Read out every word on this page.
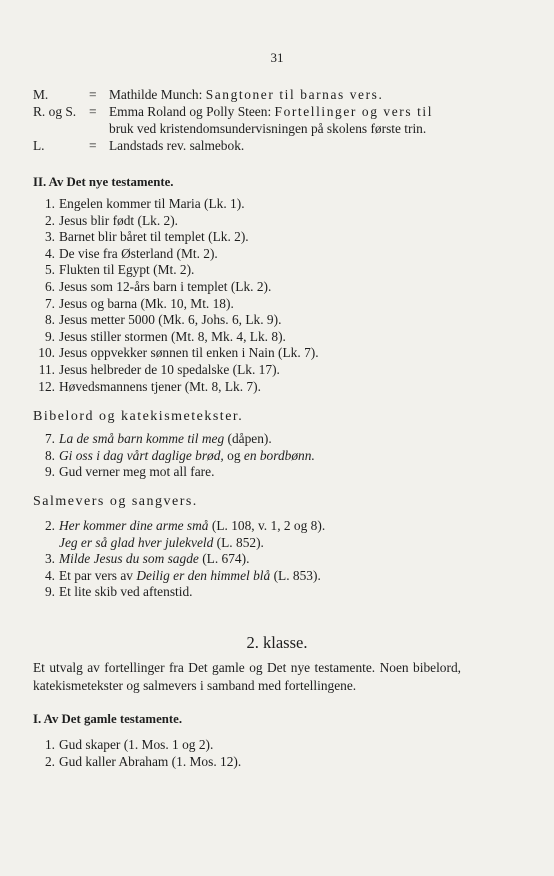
31
M.	= Mathilde Munch: Sangtoner til barnas vers.
R. og S. = Emma Roland og Polly Steen: Fortellinger og vers til
bruk ved kristendomsundervisningen på skolens første trin.
L.	= Landstads rev. salmebok.
II. Av Det nye testamente.
1. Engelen kommer til Maria (Lk. 1).
2. Jesus blir født (Lk. 2).
3. Barnet blir båret til templet (Lk. 2).
4. De vise fra Østerland (Mt. 2).
5. Flukten til Egypt (Mt. 2).
6. Jesus som 12-års barn i templet (Lk. 2).
7. Jesus og barna (Mk. 10, Mt. 18).
8. Jesus metter 5000 (Mk. 6, Johs. 6, Lk. 9).
9. Jesus stiller stormen (Mt. 8, Mk. 4, Lk. 8).
10. Jesus oppvekker sønnen til enken i Nain (Lk. 7).
11. Jesus helbreder de 10 spedalske (Lk. 17).
12. Høvedsmannens tjener (Mt. 8, Lk. 7).
Bibelord og katekismetekster.
7. La de små barn komme til meg (dåpen).
8. Gi oss i dag vårt daglige brød, og en bordbønn.
9. Gud verner meg mot all fare.
Salmevers og sangvers.
2. Her kommer dine arme små (L. 108, v. 1, 2 og 8).
Jeg er så glad hver julekveld (L. 852).
3. Milde Jesus du som sagde (L. 674).
4. Et par vers av Deilig er den himmel blå (L. 853).
9. Et lite skib ved aftenstid.
2. klasse.
Et utvalg av fortellinger fra Det gamle og Det nye testamente. Noen bibelord, katekismetekster og salmevers i samband med fortellingene.
I. Av Det gamle testamente.
1. Gud skaper (1. Mos. 1 og 2).
2. Gud kaller Abraham (1. Mos. 12).
